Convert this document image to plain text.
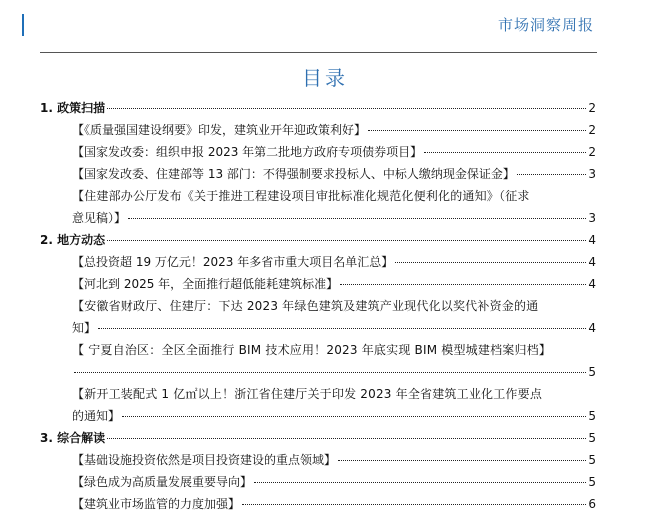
市场洞察周报
目录
1. 政策扫描	2
【《质量强国建设纲要》印发，建筑业开年迎政策利好】	2
【国家发改委：组织申报 2023 年第二批地方政府专项债券项目】	2
【国家发改委、住建部等 13 部门：不得强制要求投标人、中标人缴纳现金保证金】	3
【住建部办公厅发布《关于推进工程建设项目审批标准化规范化便利化的通知》（征求
意见稿）】	3
2. 地方动态	4
【总投资超 19 万亿元！2023 年多省市重大项目名单汇总】	4
【河北到 2025 年，全面推行超低能耗建筑标准】	4
【安徽省财政厅、住建厅：下达 2023 年绿色建筑及建筑产业现代化以奖代补资金的通
知】	4
【 宁夏自治区：全区全面推行 BIM 技术应用！2023 年底实现 BIM 模型城建档案归档】
5
【新开工装配式 1 亿㎡以上！浙江省住建厅关于印发 2023 年全省建筑工业化工作要点
的通知】	5
3. 综合解读	5
【基础设施投资依然是项目投资建设的重点领域】	5
【绿色成为高质量发展重要导向】	5
【建筑业市场监管的力度加强】	6
